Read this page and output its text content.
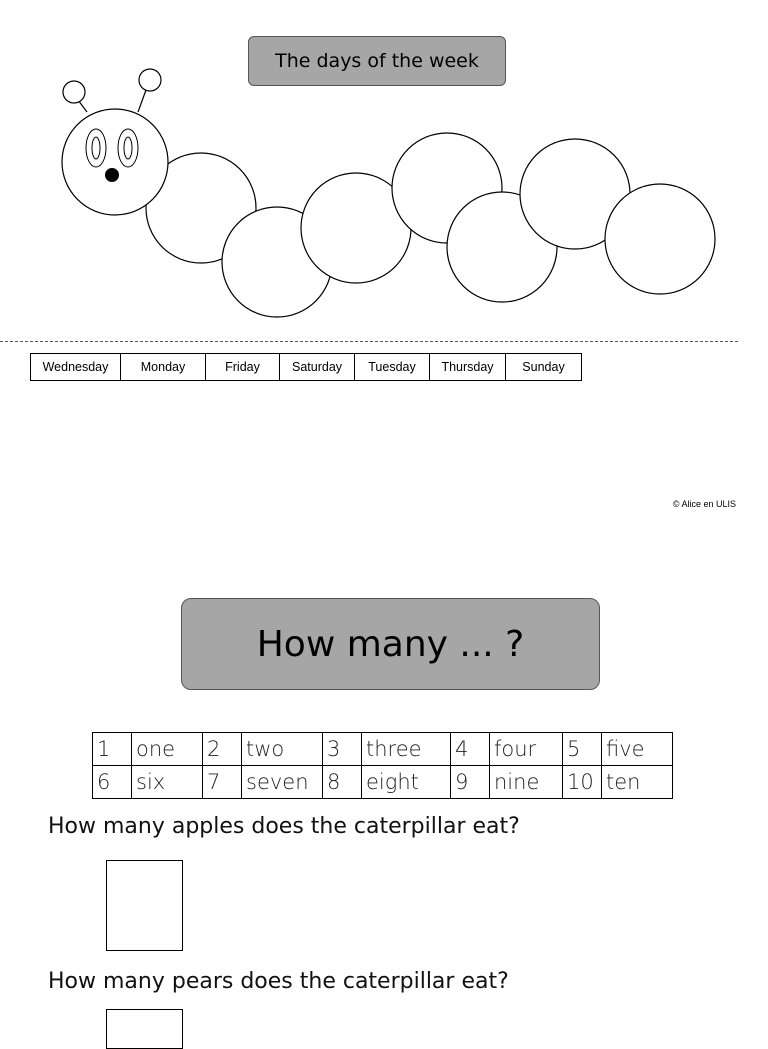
The days of the week
Wednesday	Monday	Friday	Saturday	Tuesday	Thursday	Sunday
© Alice en ULIS
How many ... ?
1	one	2	two	3	three	4	four	5	five
6	six	7	seven	8	eight	9	nine	10	ten
How many apples does the caterpillar eat?
How many pears does the caterpillar eat?
